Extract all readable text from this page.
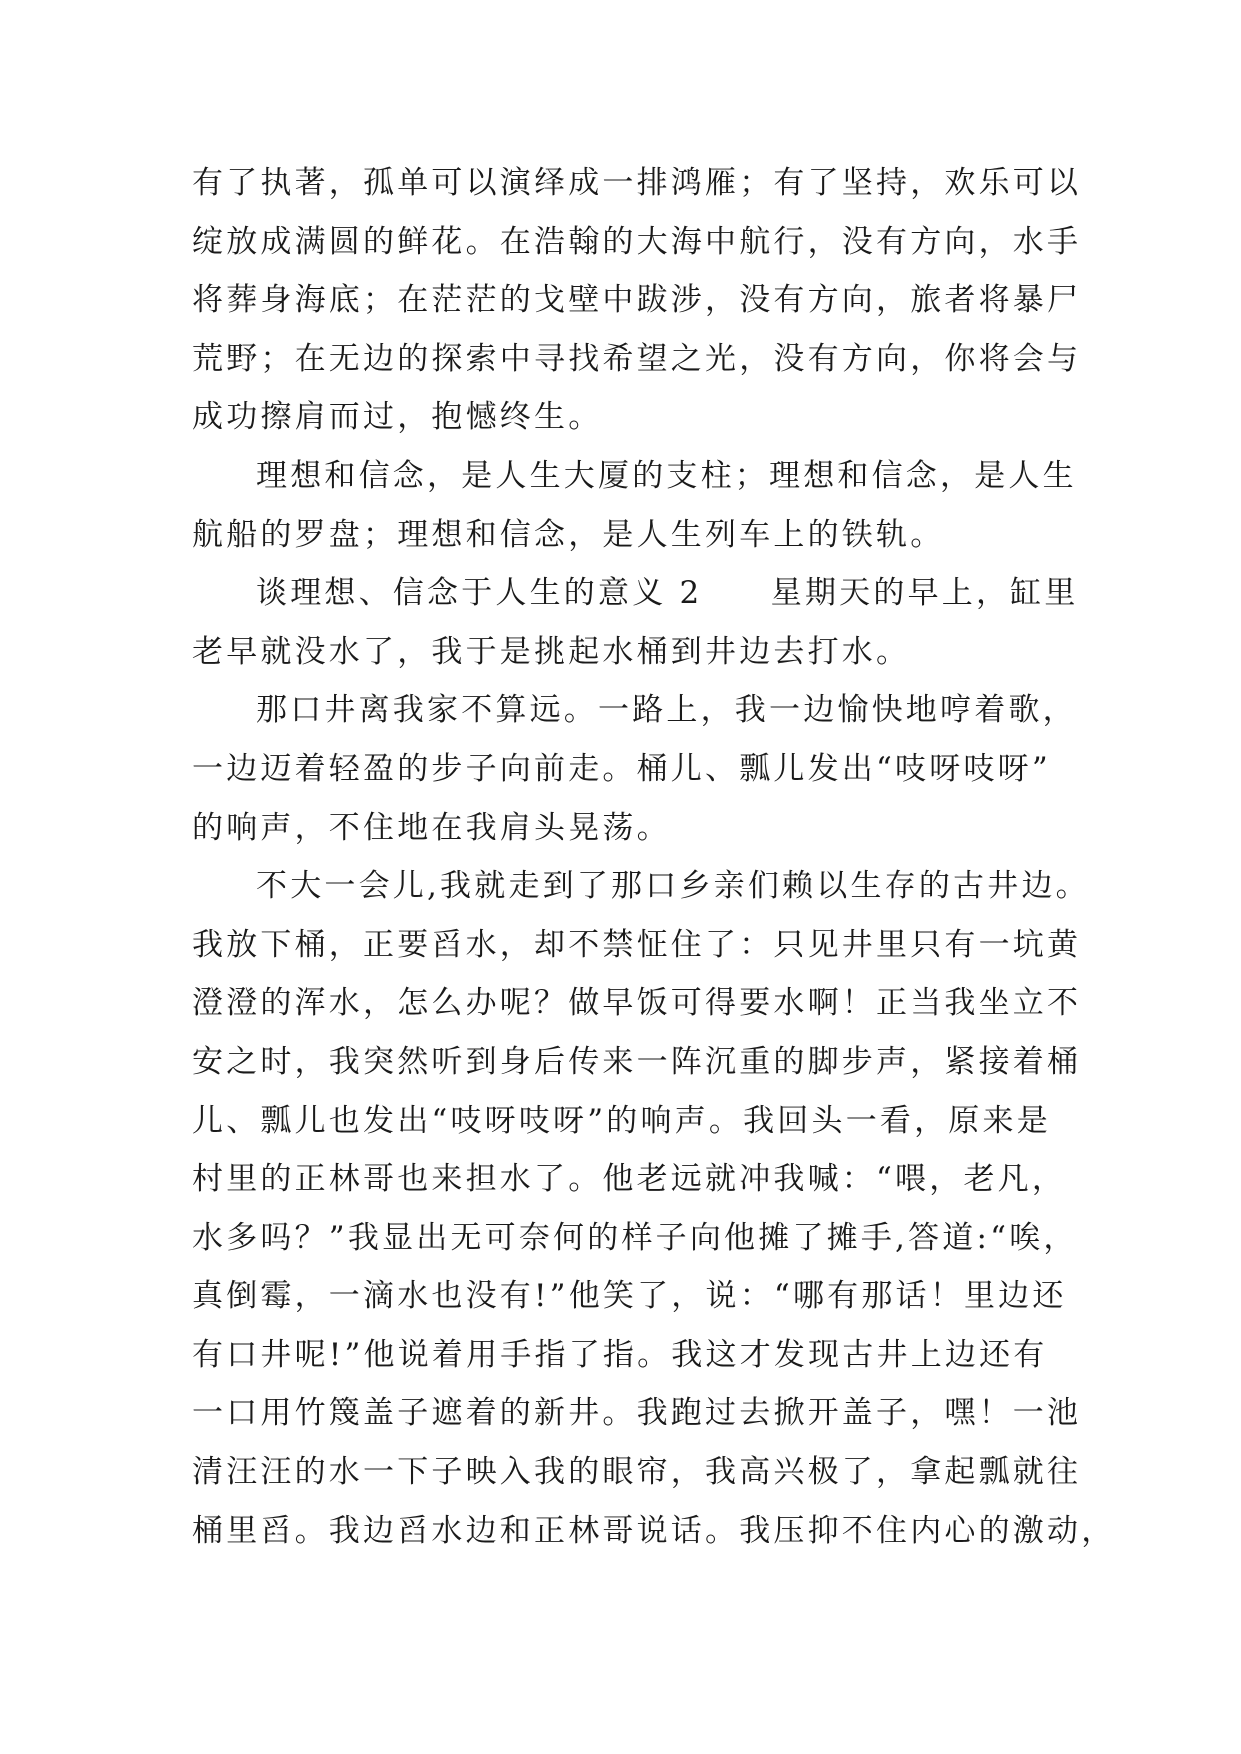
有了执著，孤单可以演绎成一排鸿雁；有了坚持，欢乐可以
绽放成满圆的鲜花。在浩翰的大海中航行，没有方向，水手
将葬身海底；在茫茫的戈壁中跋涉，没有方向，旅者将暴尸
荒野；在无边的探索中寻找希望之光，没有方向，你将会与
成功擦肩而过，抱憾终生。
理想和信念，是人生大厦的支柱；理想和信念，是人生
航船的罗盘；理想和信念，是人生列车上的铁轨。
谈理想、信念于人生的意义 2　　星期天的早上，缸里
老早就没水了，我于是挑起水桶到井边去打水。
那口井离我家不算远。一路上，我一边愉快地哼着歌，
一边迈着轻盈的步子向前走。桶儿、瓢儿发出“吱呀吱呀”
的响声，不住地在我肩头晃荡。
不大一会儿,我就走到了那口乡亲们赖以生存的古井边。
我放下桶，正要舀水，却不禁怔住了：只见井里只有一坑黄
澄澄的浑水，怎么办呢？做早饭可得要水啊！正当我坐立不
安之时，我突然听到身后传来一阵沉重的脚步声，紧接着桶
儿、瓢儿也发出“吱呀吱呀”的响声。我回头一看，原来是
村里的正林哥也来担水了。他老远就冲我喊：“喂，老凡，
水多吗？”我显出无可奈何的样子向他摊了摊手,答道:“唉，
真倒霉，一滴水也没有!”他笑了，说：“哪有那话！里边还
有口井呢!”他说着用手指了指。我这才发现古井上边还有
一口用竹篾盖子遮着的新井。我跑过去掀开盖子，嘿！一池
清汪汪的水一下子映入我的眼帘，我高兴极了，拿起瓢就往
桶里舀。我边舀水边和正林哥说话。我压抑不住内心的激动，
